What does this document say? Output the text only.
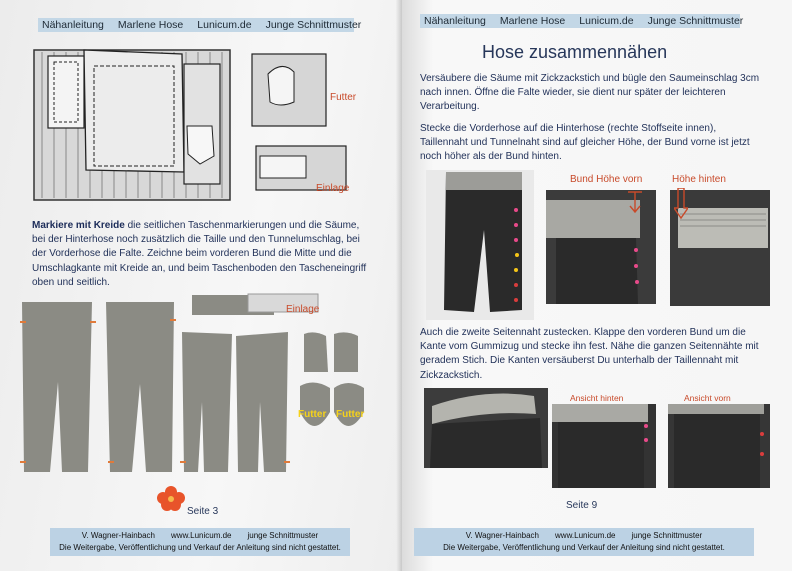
Nähanleitung Marlene Hose Lunicum.de Junge Schnittmuster
Futter
Einlage
Markiere mit Kreide die seitlichen Taschenmarkierungen und die Säume, bei der Hinterhose noch zusätzlich die Taille und den Tunnelumschlag, bei der Vorderhose die Falte. Zeichne beim vorderen Bund die Mitte und die Umschlagkante mit Kreide an, und beim Taschenboden den Tascheneingriff oben und seitlich.
Einlage
Futter Futter
Seite 3
V. Wagner-Hainbach www.Lunicum.de junge Schnittmuster
Die Weitergabe, Veröffentlichung und Verkauf der Anleitung sind nicht gestattet.
Nähanleitung Marlene Hose Lunicum.de Junge Schnittmuster
Hose zusammennähen
Versäubere die Säume mit Zickzackstich und bügle den Saumeinschlag 3cm nach innen. Öffne die Falte wieder, sie dient nur später der leichteren Verarbeitung.
Stecke die Vorderhose auf die Hinterhose (rechte Stoffseite innen), Taillennaht und Tunnelnaht sind auf gleicher Höhe, der Bund vorne ist jetzt noch höher als der Bund hinten.
Bund Höhe vorn	Höhe hinten
Auch die zweite Seitennaht zustecken. Klappe den vorderen Bund um die Kante vom Gummizug und stecke ihn fest. Nähe die ganzen Seitennähte mit geradem Stich. Die Kanten versäuberst Du unterhalb der Taillennaht mit Zickzackstich.
Ansicht hinten	Ansicht vorn
Seite 9
V. Wagner-Hainbach www.Lunicum.de junge Schnittmuster
Die Weitergabe, Veröffentlichung und Verkauf der Anleitung sind nicht gestattet.
